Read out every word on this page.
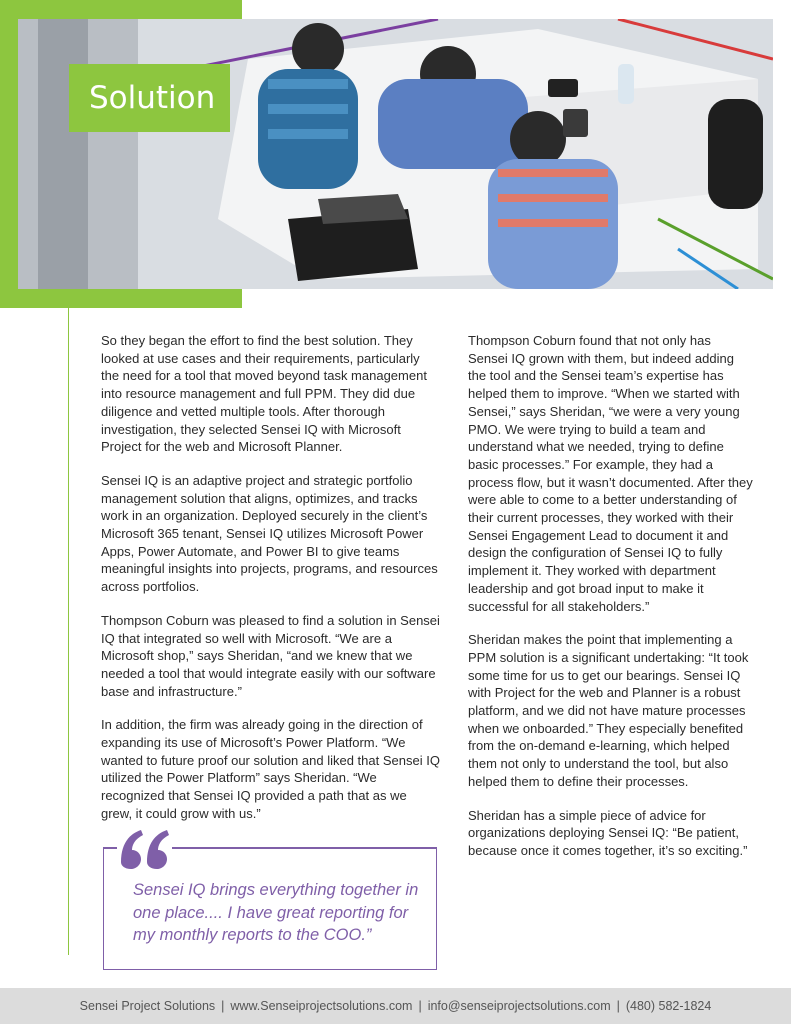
Solution

So they began the effort to find the best solution. They looked at use cases and their requirements, particularly the need for a tool that moved beyond task management into resource management and full PPM. They did due diligence and vetted multiple tools. After thorough investigation, they selected Sensei IQ with Microsoft Project for the web and Microsoft Planner.

Sensei IQ is an adaptive project and strategic portfolio management solution that aligns, optimizes, and tracks work in an organization. Deployed securely in the client’s Microsoft 365 tenant, Sensei IQ utilizes Microsoft Power Apps, Power Automate, and Power BI to give teams meaningful insights into projects, programs, and resources across portfolios.

Thompson Coburn was pleased to find a solution in Sensei IQ that integrated so well with Microsoft. “We are a Microsoft shop,” says Sheridan, “and we knew that we needed a tool that would integrate easily with our software base and infrastructure.”

In addition, the firm was already going in the direction of expanding its use of Microsoft’s Power Platform. “We wanted to future proof our solution and liked that Sensei IQ utilized the Power Platform” says Sheridan. “We recognized that Sensei IQ provided a path that as we grew, it could grow with us.”

Thompson Coburn found that not only has Sensei IQ grown with them, but indeed adding the tool and the Sensei team’s expertise has helped them to improve. “When we started with Sensei,” says Sheridan, “we were a very young PMO. We were trying to build a team and understand what we needed, trying to define basic processes.” For example, they had a process flow, but it wasn’t documented. After they were able to come to a better understanding of their current processes, they worked with their Sensei Engagement Lead to document it and design the configuration of Sensei IQ to fully implement it. They worked with department leadership and got broad input to make it successful for all stakeholders.”

Sheridan makes the point that implementing a PPM solution is a significant undertaking: “It took some time for us to get our bearings. Sensei IQ with Project for the web and Planner is a robust platform, and we did not have mature processes when we onboarded.” They especially benefited from the on-demand e-learning, which helped them not only to understand the tool, but also helped them to define their processes.

Sheridan has a simple piece of advice for organizations deploying Sensei IQ: “Be patient, because once it comes together, it’s so exciting.”

Sensei IQ brings everything together in one place.... I have great reporting for my monthly reports to the COO.”
Sensei Project Solutions | www.Senseiprojectsolutions.com | info@senseiprojectsolutions.com | (480) 582-1824
